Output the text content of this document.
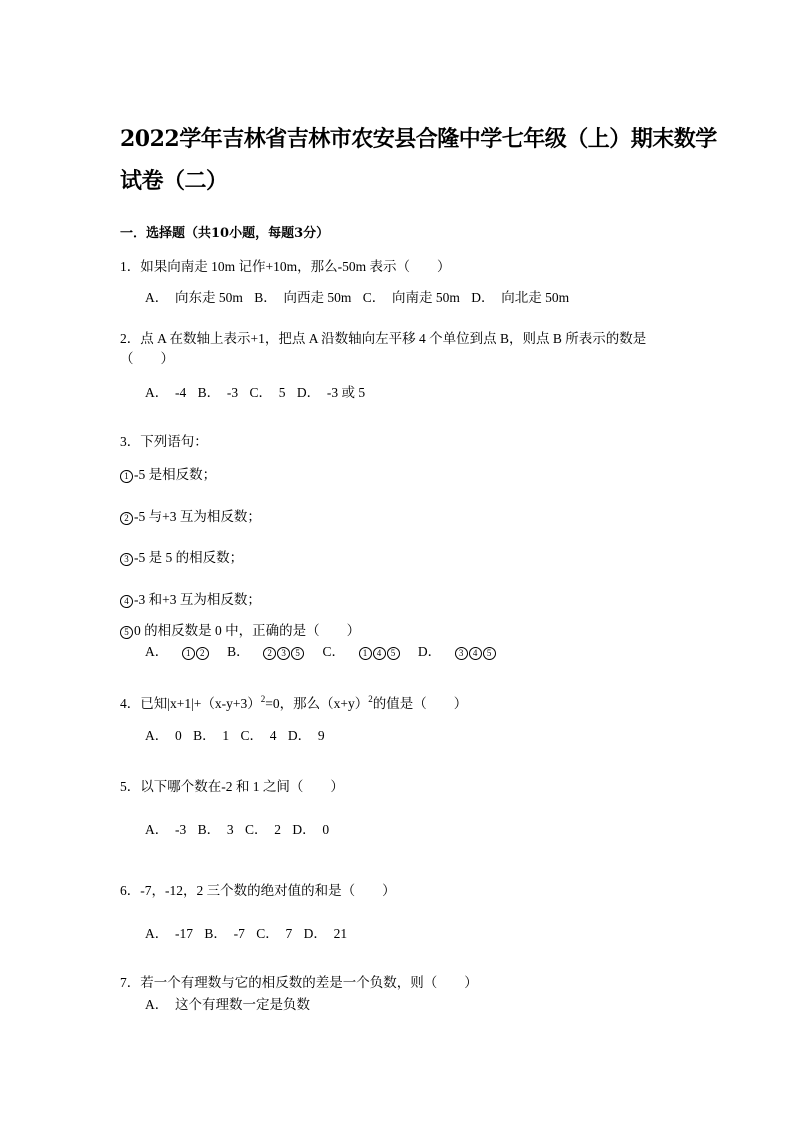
2022学年吉林省吉林市农安县合隆中学七年级（上）期末数学
试卷（二）
一．选择题（共10小题，每题3分）
1．如果向南走 10m 记作+10m，那么-50m 表示（　　）
A．　向东走 50m B．　向西走 50m C．　向南走 50m D．　向北走 50m
2．点 A 在数轴上表示+1，把点 A 沿数轴向左平移 4 个单位到点 B，则点 B 所表示的数是
（　　）
A．　-4 B．　-3 C．　5 D．　-3 或 5
3．下列语句：
1 -5 是相反数；
2 -5 与+3 互为相反数；
3 -5 是 5 的相反数；
4 -3 和+3 互为相反数；
5 0 的相反数是 0 中，正确的是（　　）
A． 1 2 B． 2 3 5 C． 1 4 5 D． 3 4 5
4．已知$|x+1|+(x-y+3)^2=0$，那么$(x+y)^2$的值是（　　）
A．　0 B．　1 C．　4 D．　9
5．以下哪个数在-2 和 1 之间（　　）
A．　-3 B．　3 C．　2 D．　0
6．-7，-12，2 三个数的绝对值的和是（　　）
A．　-17 B．　-7 C．　7 D．　21
7．若一个有理数与它的相反数的差是一个负数，则（　　）
A．　这个有理数一定是负数
